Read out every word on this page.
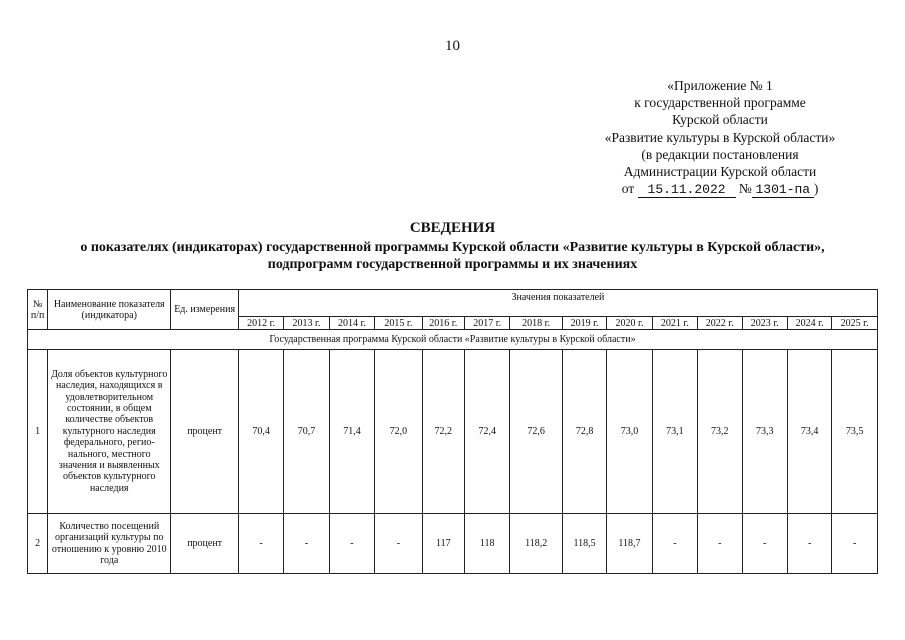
10
«Приложение № 1
к государственной программе
Курской области
«Развитие культуры в Курской области»
(в редакции постановления
Администрации Курской области
от 15.11.2022 № 1301-па )
СВЕДЕНИЯ
о показателях (индикаторах) государственной программы Курской области «Развитие культуры в Курской области», подпрограмм государственной программы и их значениях
№ п/п	Наименование показателя (индикатора)	Ед. измерения	Значения показателей													
			2012 г.	2013 г.	2014 г.	2015 г.	2016 г.	2017 г.	2018 г.	2019 г.	2020 г.	2021 г.	2022 г.	2023 г.	2024 г.	2025 г.
Государственная программа Курской области «Развитие культуры в Курской области»																
1	Доля объектов культурного наследия, находящихся в удовлетворительном состоянии, в общем количестве объектов культурного наследия федерального, регио-нального, местного значения и выявленных объектов культурного наследия	процент	70,4	70,7	71,4	72,0	72,2	72,4	72,6	72,8	73,0	73,1	73,2	73,3	73,4	73,5
2	Количество посещений организаций культуры по отношению к уровню 2010 года	процент	-	-	-	-	117	118	118,2	118,5	118,7	-	-	-	-	-
